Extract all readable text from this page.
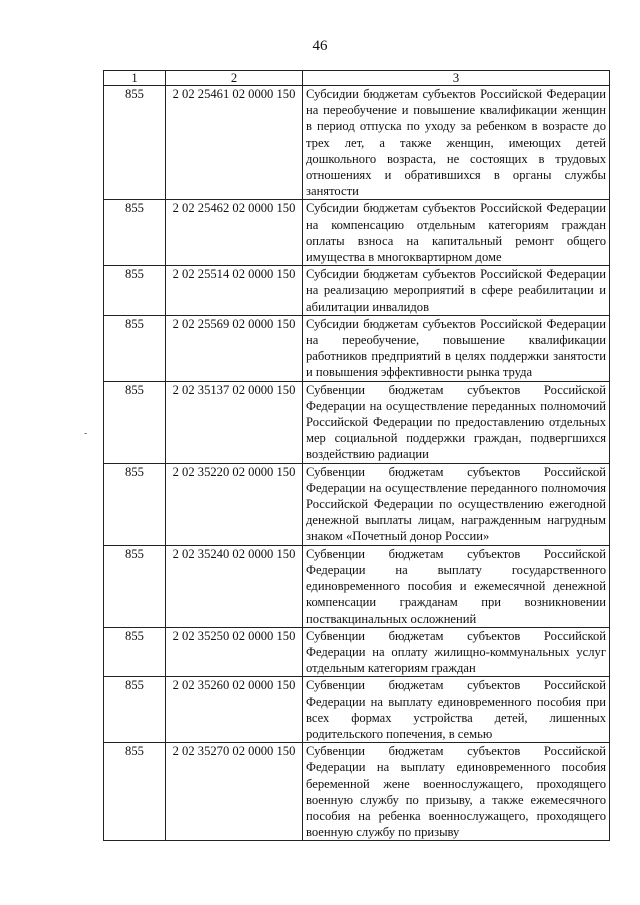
46
-
1	2	3
855	2 02 25461 02 0000 150	Субсидии бюджетам субъектов Российской Федерации на переобучение и повышение квалификации женщин в период отпуска по уходу за ребенком в возрасте до трех лет, а также женщин, имеющих детей дошкольного возраста, не состоящих в трудовых отношениях и обратившихся в органы службы занятости
855	2 02 25462 02 0000 150	Субсидии бюджетам субъектов Российской Федерации на компенсацию отдельным категориям граждан оплаты взноса на капитальный ремонт общего имущества в многоквартирном доме
855	2 02 25514 02 0000 150	Субсидии бюджетам субъектов Российской Федерации на реализацию мероприятий в сфере реабилитации и абилитации инвалидов
855	2 02 25569 02 0000 150	Субсидии бюджетам субъектов Российской Федерации на переобучение, повышение квалификации работников предприятий в целях поддержки занятости и повышения эффективности рынка труда
855	2 02 35137 02 0000 150	Субвенции бюджетам субъектов Российской Федерации на осуществление переданных полномочий Российской Федерации по предоставлению отдельных мер социальной поддержки граждан, подвергшихся воздействию радиации
855	2 02 35220 02 0000 150	Субвенции бюджетам субъектов Российской Федерации на осуществление переданного полномочия Российской Федерации по осуществлению ежегодной денежной выплаты лицам, награжденным нагрудным знаком «Почетный донор России»
855	2 02 35240 02 0000 150	Субвенции бюджетам субъектов Российской Федерации на выплату государственного единовременного пособия и ежемесячной денежной компенсации гражданам при возникновении поствакцинальных осложнений
855	2 02 35250 02 0000 150	Субвенции бюджетам субъектов Российской Федерации на оплату жилищно-коммунальных услуг отдельным категориям граждан
855	2 02 35260 02 0000 150	Субвенции бюджетам субъектов Российской Федерации на выплату единовременного пособия при всех формах устройства детей, лишенных родительского попечения, в семью
855	2 02 35270 02 0000 150	Субвенции бюджетам субъектов Российской Федерации на выплату единовременного пособия беременной жене военнослужащего, проходящего военную службу по призыву, а также ежемесячного пособия на ребенка военнослужащего, проходящего военную службу по призыву
